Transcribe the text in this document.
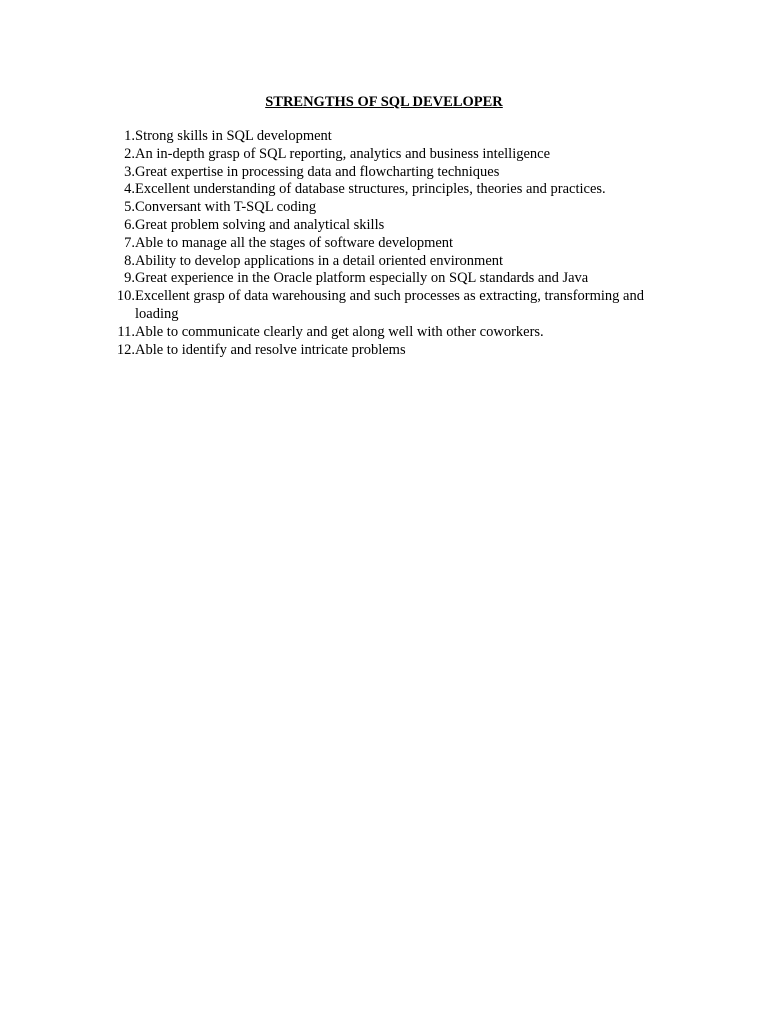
STRENGTHS OF SQL DEVELOPER
1. Strong skills in SQL development
2. An in-depth grasp of SQL reporting, analytics and business intelligence
3. Great expertise in processing data and flowcharting techniques
4. Excellent understanding of database structures, principles, theories and practices.
5. Conversant with T-SQL coding
6. Great problem solving and analytical skills
7. Able to manage all the stages of software development
8. Ability to develop applications in a detail oriented environment
9. Great experience in the Oracle platform especially on SQL standards and Java
10. Excellent grasp of data warehousing and such processes as extracting, transforming and loading
11. Able to communicate clearly and get along well with other coworkers.
12. Able to identify and resolve intricate problems
